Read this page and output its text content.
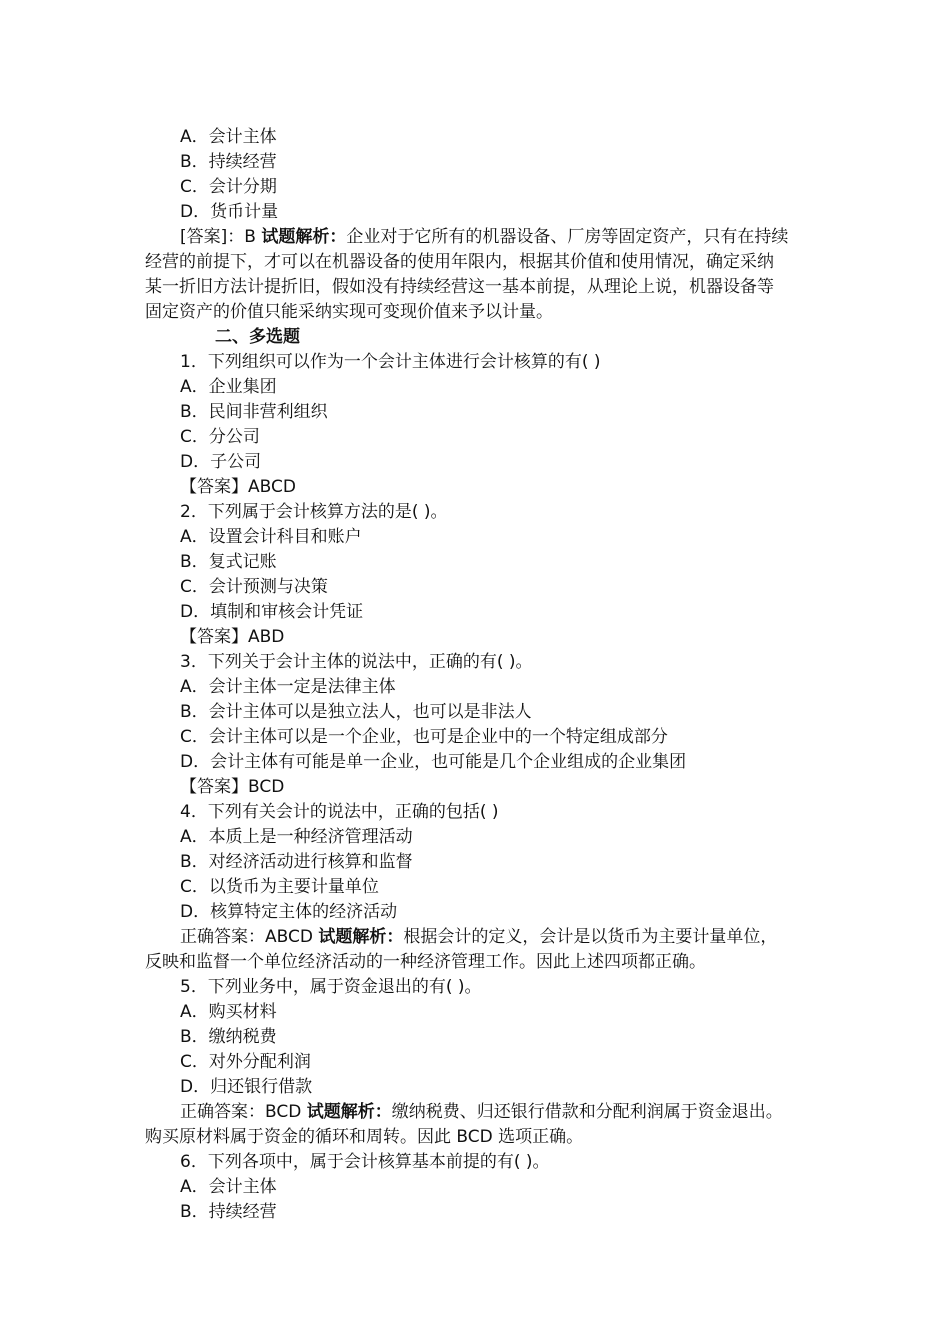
A．会计主体
B．持续经营
C．会计分期
D．货币计量
[答案]：B 试题解析：企业对于它所有的机器设备、厂房等固定资产，只有在持续
经营的前提下，才可以在机器设备的使用年限内，根据其价值和使用情况，确定采纳
某一折旧方法计提折旧，假如没有持续经营这一基本前提，从理论上说，机器设备等
固定资产的价值只能采纳实现可变现价值来予以计量。
二、多选题
1．下列组织可以作为一个会计主体进行会计核算的有( )
A．企业集团
B．民间非营利组织
C．分公司
D．子公司
【答案】ABCD
2．下列属于会计核算方法的是( )。
A．设置会计科目和账户
B．复式记账
C．会计预测与决策
D．填制和审核会计凭证
【答案】ABD
3．下列关于会计主体的说法中，正确的有( )。
A．会计主体一定是法律主体
B．会计主体可以是独立法人，也可以是非法人
C．会计主体可以是一个企业，也可是企业中的一个特定组成部分
D．会计主体有可能是单一企业，也可能是几个企业组成的企业集团
【答案】BCD
4．下列有关会计的说法中，正确的包括( )
A．本质上是一种经济管理活动
B．对经济活动进行核算和监督
C．以货币为主要计量单位
D．核算特定主体的经济活动
正确答案：ABCD 试题解析：根据会计的定义，会计是以货币为主要计量单位，
反映和监督一个单位经济活动的一种经济管理工作。因此上述四项都正确。
5．下列业务中，属于资金退出的有( )。
A．购买材料
B．缴纳税费
C．对外分配利润
D．归还银行借款
正确答案：BCD 试题解析：缴纳税费、归还银行借款和分配利润属于资金退出。
购买原材料属于资金的循环和周转。因此 BCD 选项正确。
6．下列各项中，属于会计核算基本前提的有( )。
A．会计主体
B．持续经营
